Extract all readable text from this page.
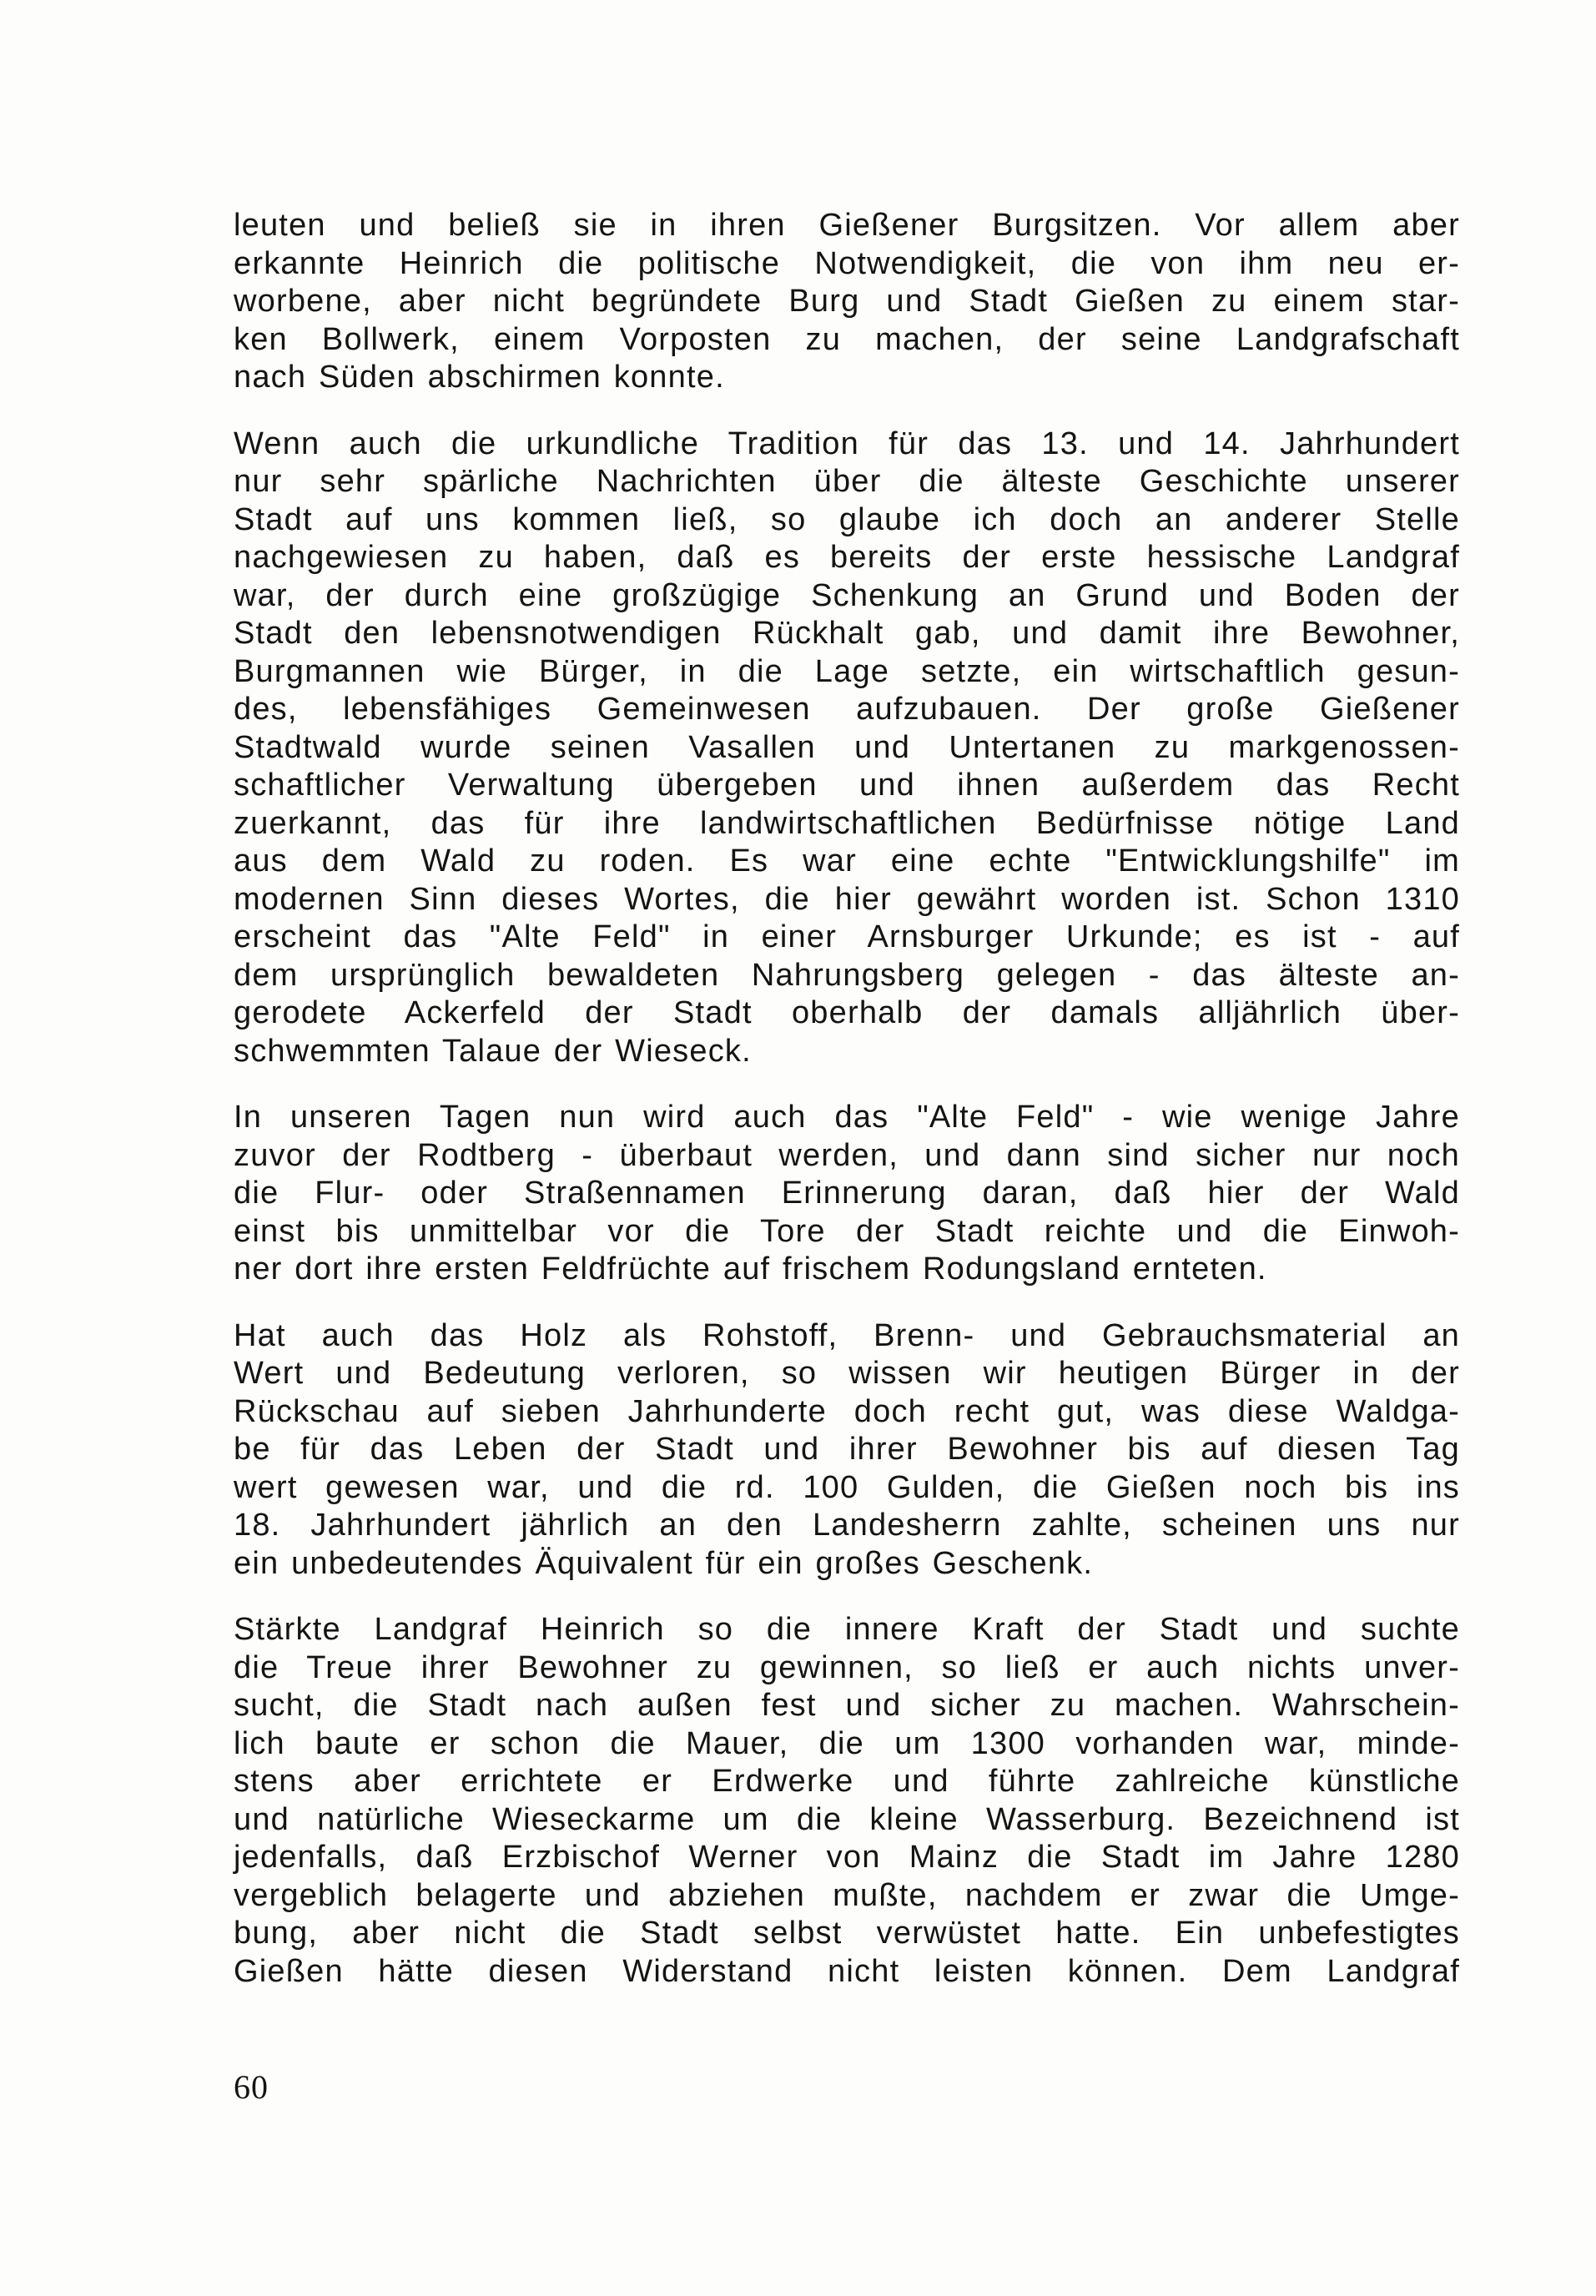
leuten und beließ sie in ihren Gießener Burgsitzen. Vor allem aber
erkannte Heinrich die politische Notwendigkeit, die von ihm neu er-
worbene, aber nicht begründete Burg und Stadt Gießen zu einem star-
ken Bollwerk, einem Vorposten zu machen, der seine Landgrafschaft
nach Süden abschirmen konnte.
Wenn auch die urkundliche Tradition für das 13. und 14. Jahrhundert
nur sehr spärliche Nachrichten über die älteste Geschichte unserer
Stadt auf uns kommen ließ, so glaube ich doch an anderer Stelle
nachgewiesen zu haben, daß es bereits der erste hessische Landgraf
war, der durch eine großzügige Schenkung an Grund und Boden der
Stadt den lebensnotwendigen Rückhalt gab, und damit ihre Bewohner,
Burgmannen wie Bürger, in die Lage setzte, ein wirtschaftlich gesun-
des, lebensfähiges Gemeinwesen aufzubauen. Der große Gießener
Stadtwald wurde seinen Vasallen und Untertanen zu markgenossen-
schaftlicher Verwaltung übergeben und ihnen außerdem das Recht
zuerkannt, das für ihre landwirtschaftlichen Bedürfnisse nötige Land
aus dem Wald zu roden. Es war eine echte "Entwicklungshilfe" im
modernen Sinn dieses Wortes, die hier gewährt worden ist. Schon 1310
erscheint das "Alte Feld" in einer Arnsburger Urkunde; es ist - auf
dem ursprünglich bewaldeten Nahrungsberg gelegen - das älteste an-
gerodete Ackerfeld der Stadt oberhalb der damals alljährlich über-
schwemmten Talaue der Wieseck.
In unseren Tagen nun wird auch das "Alte Feld" - wie wenige Jahre
zuvor der Rodtberg - überbaut werden, und dann sind sicher nur noch
die Flur- oder Straßennamen Erinnerung daran, daß hier der Wald
einst bis unmittelbar vor die Tore der Stadt reichte und die Einwoh-
ner dort ihre ersten Feldfrüchte auf frischem Rodungsland ernteten.
Hat auch das Holz als Rohstoff, Brenn- und Gebrauchsmaterial an
Wert und Bedeutung verloren, so wissen wir heutigen Bürger in der
Rückschau auf sieben Jahrhunderte doch recht gut, was diese Waldga-
be für das Leben der Stadt und ihrer Bewohner bis auf diesen Tag
wert gewesen war, und die rd. 100 Gulden, die Gießen noch bis ins
18. Jahrhundert jährlich an den Landesherrn zahlte, scheinen uns nur
ein unbedeutendes Äquivalent für ein großes Geschenk.
Stärkte Landgraf Heinrich so die innere Kraft der Stadt und suchte
die Treue ihrer Bewohner zu gewinnen, so ließ er auch nichts unver-
sucht, die Stadt nach außen fest und sicher zu machen. Wahrschein-
lich baute er schon die Mauer, die um 1300 vorhanden war, minde-
stens aber errichtete er Erdwerke und führte zahlreiche künstliche
und natürliche Wieseckarme um die kleine Wasserburg. Bezeichnend ist
jedenfalls, daß Erzbischof Werner von Mainz die Stadt im Jahre 1280
vergeblich belagerte und abziehen mußte, nachdem er zwar die Umge-
bung, aber nicht die Stadt selbst verwüstet hatte. Ein unbefestigtes
Gießen hätte diesen Widerstand nicht leisten können. Dem Landgraf
60
